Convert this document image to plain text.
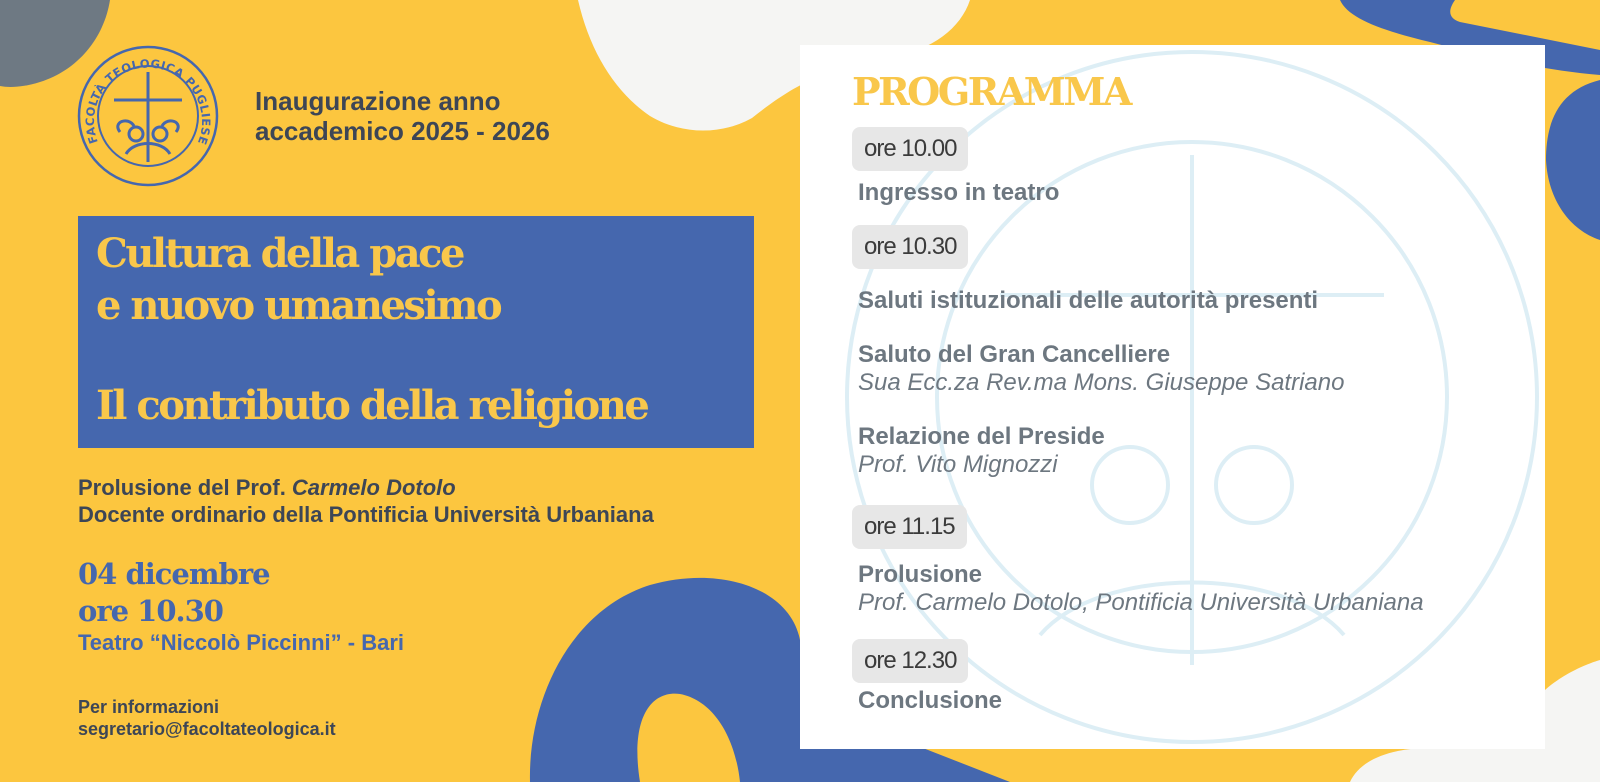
FACOLTÀ TEOLOGICA PUGLIESE
Inaugurazione anno
accademico 2025 - 2026
Cultura della pace
e nuovo umanesimo
Il contributo della religione
Prolusione del Prof. Carmelo Dotolo
Docente ordinario della Pontificia Università Urbaniana
04 dicembre
ore 10.30
Teatro “Niccolò Piccinni” - Bari
Per informazioni
segretario@facoltateologica.it
PROGRAMMA
ore 10.00
Ingresso in teatro
ore 10.30
Saluti istituzionali delle autorità presenti
Saluto del Gran Cancelliere
Sua Ecc.za Rev.ma Mons. Giuseppe Satriano
Relazione del Preside
Prof. Vito Mignozzi
ore 11.15
Prolusione
Prof. Carmelo Dotolo, Pontificia Università Urbaniana
ore 12.30
Conclusione
